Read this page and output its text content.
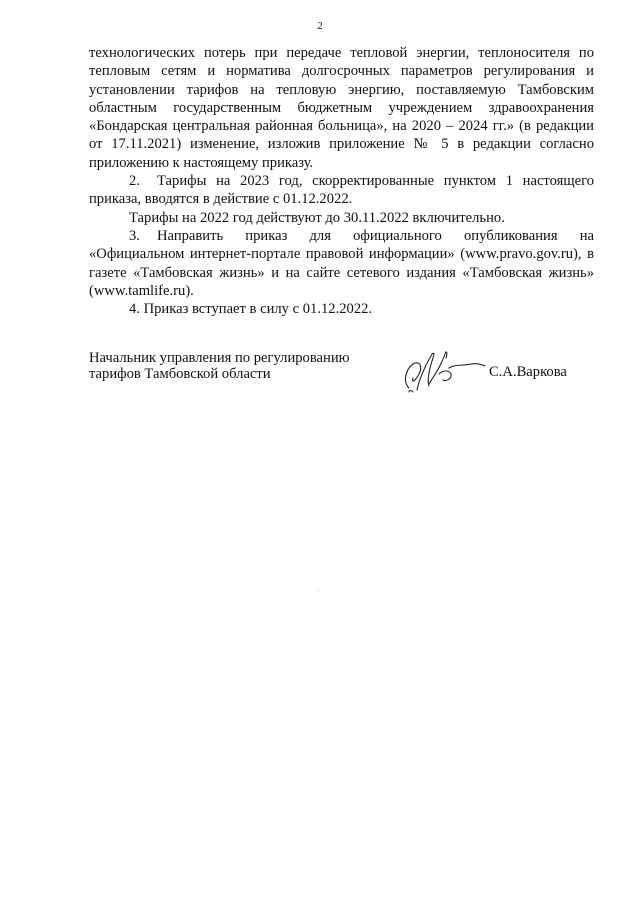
2

технологических потерь при передаче тепловой энергии, теплоносителя по тепловым сетям и норматива долгосрочных параметров регулирования и установлении тарифов на тепловую энергию, поставляемую Тамбовским областным государственным бюджетным учреждением здравоохранения «Бондарская центральная районная больница», на 2020 – 2024 гг.» (в редакции от 17.11.2021) изменение, изложив приложение № 5 в редакции согласно приложению к настоящему приказу.

2. Тарифы на 2023 год, скорректированные пунктом 1 настоящего приказа, вводятся в действие с 01.12.2022.

Тарифы на 2022 год действуют до 30.11.2022 включительно.

3. Направить приказ для официального опубликования на «Официальном интернет-портале правовой информации» (www.pravo.gov.ru), в газете «Тамбовская жизнь» и на сайте сетевого издания «Тамбовская жизнь» (www.tamlife.ru).

4. Приказ вступает в силу с 01.12.2022.

Начальник управления по регулированию
тарифов Тамбовской области	С.А.Варкова
